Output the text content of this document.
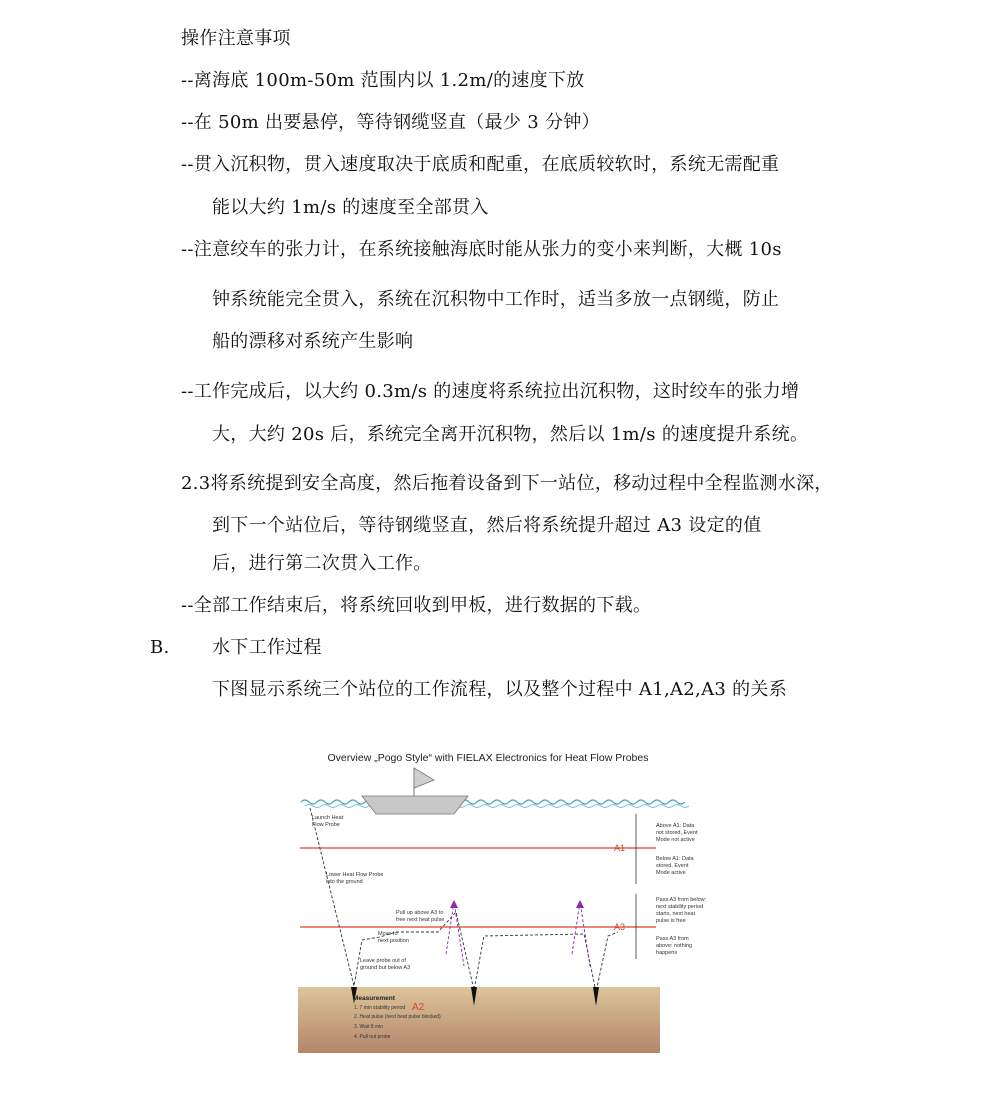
操作注意事项
--离海底 100m-50m 范围内以 1.2m/的速度下放
--在 50m 出要悬停，等待钢缆竖直（最少 3 分钟）
--贯入沉积物，贯入速度取决于底质和配重，在底质较软时，系统无需配重
能以大约 1m/s 的速度至全部贯入
--注意绞车的张力计，在系统接触海底时能从张力的变小来判断，大概 10s
钟系统能完全贯入，系统在沉积物中工作时，适当多放一点钢缆，防止
船的漂移对系统产生影响
--工作完成后，以大约 0.3m/s 的速度将系统拉出沉积物，这时绞车的张力增
大，大约 20s 后，系统完全离开沉积物，然后以 1m/s 的速度提升系统。
2.3将系统提到安全高度，然后拖着设备到下一站位，移动过程中全程监测水深，
到下一个站位后，等待钢缆竖直，然后将系统提升超过 A3 设定的值
后，进行第二次贯入工作。
--全部工作结束后，将系统回收到甲板，进行数据的下载。
B. 水下工作过程
下图显示系统三个站位的工作流程，以及整个过程中 A1,A2,A3 的关系
Overview „Pogo Style“ with FIELAX Electronics for Heat Flow Probes
A1
A3
Launch Heat Flow Probe
Lower Heat Flow Probe into the ground
Pull up above A3 to free next heat pulse
Move to next position
Leave probe out of ground but below A3
Above A1: Data not stored, Event Mode not active
Below A1: Data stored, Event Mode active
Pass A3 from below: next stability period starts, next heat pulse is free
Pass A3 from above: nothing happens
Measurement
A2
1. 7 min stability period
2. Heat pulse (next heat pulse blocked)
3. Wait 8 min
4. Pull out probe
